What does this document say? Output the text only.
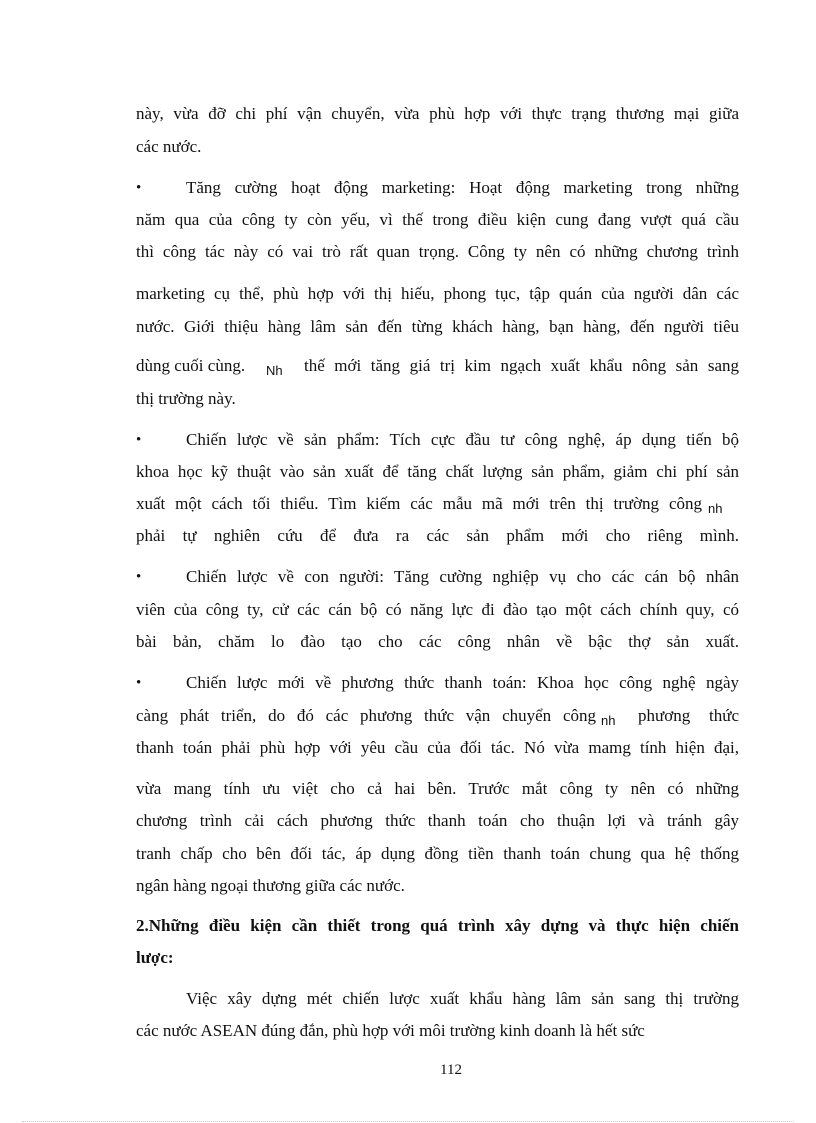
này, vừa đỡ chi phí vận chuyển, vừa phù hợp với thực trạng thương mại giữa
các nước.
•	Tăng cường hoạt động marketing: Hoạt động marketing trong những
năm qua của công ty còn yếu, vì thế trong điều kiện cung đang vượt quá cầu
thì công tác này có vai trò rất quan trọng. Công ty nên có những chương trình
marketing cụ thể, phù hợp với thị hiếu, phong tục, tập quán của người dân các
nước. Giới thiệu hàng lâm sản đến từng khách hàng, bạn hàng, đến người tiêu
dùng cuối cùng. $_{Nh}$ thế mới tăng giá trị kim ngạch xuất khẩu nông sản sang
thị trường này.
•	Chiến lược về sản phẩm: Tích cực đầu tư công nghệ, áp dụng tiến bộ
khoa học kỹ thuật vào sản xuất để tăng chất lượng sản phẩm, giảm chi phí sản
xuất một cách tối thiểu. Tìm kiếm các mẫu mã mới trên thị trường công $_{nh}$
phải tự nghiên cứu để đưa ra các sản phẩm mới cho riêng mình.
•	Chiến lược về con người: Tăng cường nghiệp vụ cho các cán bộ nhân
viên của công ty, cử các cán bộ có năng lực đi đào tạo một cách chính quy, có
bài bản, chăm lo đào tạo cho các công nhân về bậc thợ sản xuất.
•	Chiến lược mới về phương thức thanh toán: Khoa học công nghệ ngày
càng phát triển, do đó các phương thức vận chuyển công $_{nh}$ phương thức
thanh toán phải phù hợp với yêu cầu của đối tác. Nó vừa mamg tính hiện đại,
vừa mang tính ưu việt cho cả hai bên. Trước mắt công ty nên có những
chương trình cải cách phương thức thanh toán cho thuận lợi và tránh gây
tranh chấp cho bên đối tác, áp dụng đồng tiền thanh toán chung qua hệ thống
ngân hàng ngoại thương giữa các nước.
2.Những điều kiện cần thiết trong quá trình xây dựng và thực hiện chiến
lược:
Việc xây dựng mét chiến lược xuất khẩu hàng lâm sản sang thị trường
các nước ASEAN đúng đắn, phù hợp với môi trường kinh doanh là hết sức
112
